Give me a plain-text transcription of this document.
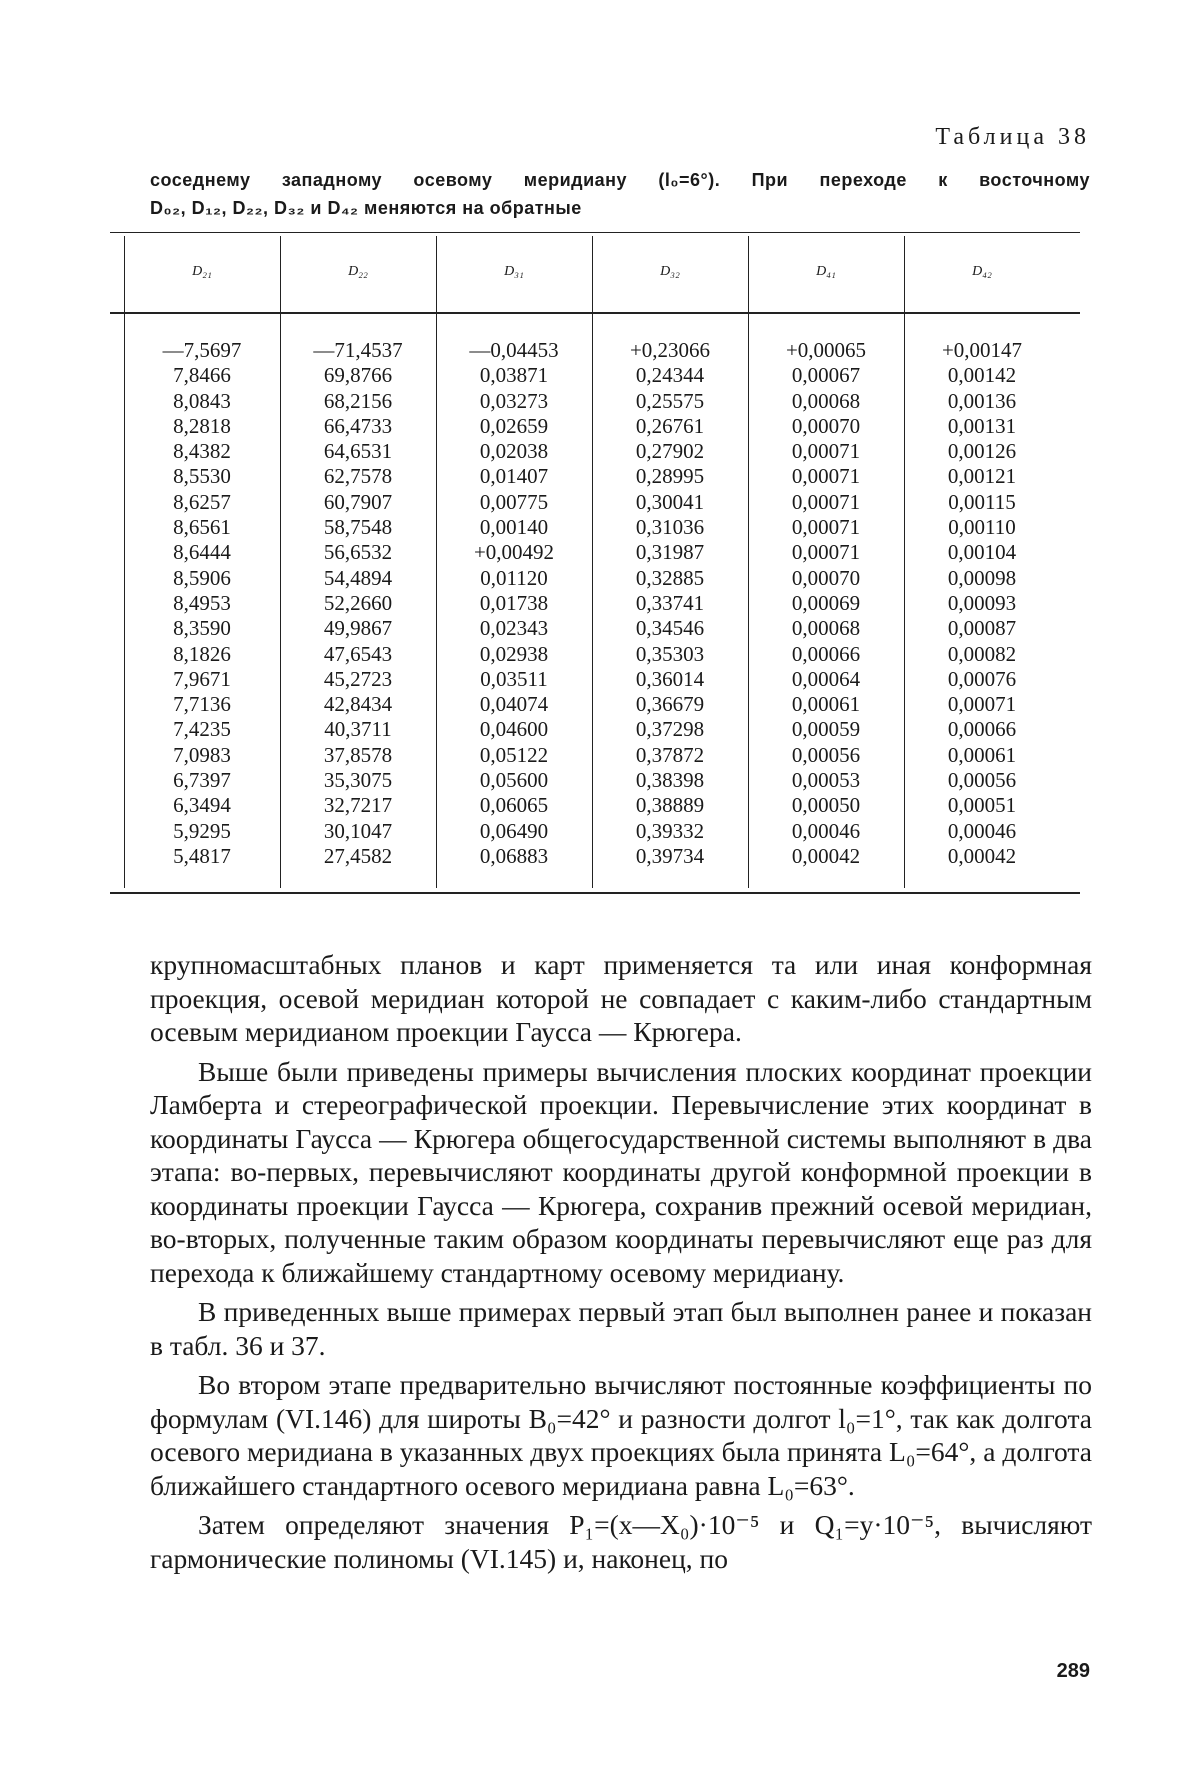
Таблица 38
соседнему западному осевому меридиану (l₀=6°). При переходе к восточному
D₀₂, D₁₂, D₂₂, D₃₂ и D₄₂ меняются на обратные
D₂₁	D₂₂	D₃₁	D₃₂	D₄₁	D₄₂
—7,5697
7,8466
8,0843
8,2818
8,4382
8,5530
8,6257
8,6561
8,6444
8,5906
8,4953
8,3590
8,1826
7,9671
7,7136
7,4235
7,0983
6,7397
6,3494
5,9295
5,4817
—71,4537
69,8766
68,2156
66,4733
64,6531
62,7578
60,7907
58,7548
56,6532
54,4894
52,2660
49,9867
47,6543
45,2723
42,8434
40,3711
37,8578
35,3075
32,7217
30,1047
27,4582
—0,04453
0,03871
0,03273
0,02659
0,02038
0,01407
0,00775
0,00140
+0,00492
0,01120
0,01738
0,02343
0,02938
0,03511
0,04074
0,04600
0,05122
0,05600
0,06065
0,06490
0,06883
+0,23066
0,24344
0,25575
0,26761
0,27902
0,28995
0,30041
0,31036
0,31987
0,32885
0,33741
0,34546
0,35303
0,36014
0,36679
0,37298
0,37872
0,38398
0,38889
0,39332
0,39734
+0,00065
0,00067
0,00068
0,00070
0,00071
0,00071
0,00071
0,00071
0,00071
0,00070
0,00069
0,00068
0,00066
0,00064
0,00061
0,00059
0,00056
0,00053
0,00050
0,00046
0,00042
+0,00147
0,00142
0,00136
0,00131
0,00126
0,00121
0,00115
0,00110
0,00104
0,00098
0,00093
0,00087
0,00082
0,00076
0,00071
0,00066
0,00061
0,00056
0,00051
0,00046
0,00042

крупномасштабных планов и карт применяется та или иная конформная проекция, осевой меридиан которой не совпадает с каким-либо стандартным осевым меридианом проекции Гаусса — Крюгера.

Выше были приведены примеры вычисления плоских координат проекции Ламберта и стереографической проекции. Перевычисление этих координат в координаты Гаусса — Крюгера общегосударственной системы выполняют в два этапа: во-первых, перевычисляют координаты другой конформной проекции в координаты проекции Гаусса — Крюгера, сохранив прежний осевой меридиан, во-вторых, полученные таким образом координаты перевычисляют еще раз для перехода к ближайшему стандартному осевому меридиану.

В приведенных выше примерах первый этап был выполнен ранее и показан в табл. 36 и 37.

Во втором этапе предварительно вычисляют постоянные коэффициенты по формулам (VI.146) для широты B₀=42° и разности долгот l₀=1°, так как долгота осевого меридиана в указанных двух проекциях была принята L₀=64°, а долгота ближайшего стандартного осевого меридиана равна L₀=63°.

Затем определяют значения P₁=(x—X₀)·10⁻⁵ и Q₁=y·10⁻⁵, вычисляют гармонические полиномы (VI.145) и, наконец, по

289
